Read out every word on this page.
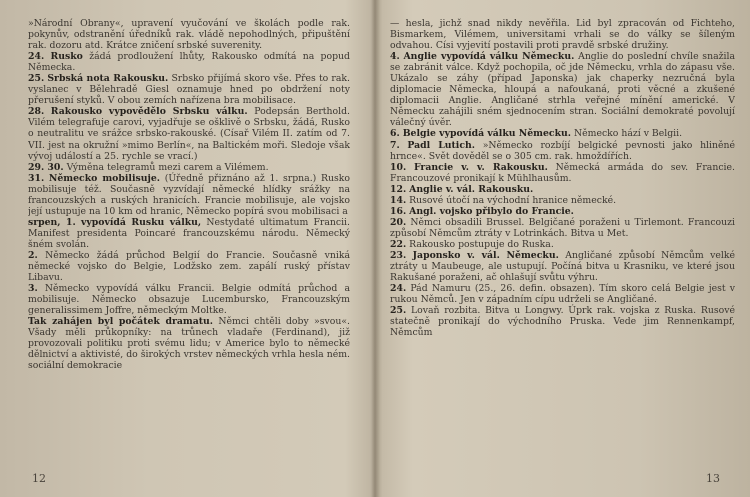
»Národní Obrany«, upravení vyučování ve školách podle rak. pokynův, odstranění úředníků rak. vládě nepohodlných, připuštění rak. dozoru atd. Krátce zničení srbské suverenity.
24. Rusko žádá prodloužení lhůty, Rakousko odmítá na popud Německa.
25. Srbská nota Rakousku. Srbsko přijímá skoro vše. Přes to rak. vyslanec v Bělehradě Giesl oznamuje hned po obdržení noty přerušení styků. V obou zemích nařízena bra mobilisace.
28. Rakousko vypovědělo Srbsku válku. Podepsán Berthold. Vilém telegrafuje carovi, vyjadřuje se ošklivě o Srbsku, žádá, Rusko o neutralitu ve srážce srbsko-rakouské. (Císař Vilém II. zatím od 7. VII. jest na okružní »mimo Berlín«, na Baltickém moři. Sledoje však vývoj událostí a 25. rychle se vrací.)
29. 30. Výměna telegramů mezi carem a Vilémem.
31. Německo mobilisuje. (Úředně přiznáno až 1. srpna.) Rusko mobilisuje též. Současně vyzvídají německé hlídky srážky na francouzských a ruských hranicích. Francie mobilisuje, ale vojsko její ustupuje na 10 km od hranic, Německo popírá svou mobilisaci a
srpen, 1. vypovídá Rusku válku, Nestydaté ultimatum Francii. Manifest presidenta Poincaré francouzskému národu. Německý šném svolán.
2. Německo žádá průchod Belgií do Francie. Současně vniká německé vojsko do Belgie, Lodžsko zem. zapálí ruský přístav Libavu.
3. Německo vypovídá válku Francii. Belgie odmítá průchod a mobilisuje. Německo obsazuje Lucembursko, Francouzským generalissimem Joffre, německým Moltke.
Tak zahájen byl počátek dramatu. Němci chtěli doby »svou«. Všady měli průkopníky: na trůnech vladaře (Ferdinand), již provozovali politiku proti svému lidu; v Americe bylo to německé dělnictví a aktivisté, do širokých vrstev německých vrhla hesla ném. sociální demokracie
12
— hesla, jichž snad nikdy nevěřila. Lid byl zpracován od Fichteho, Bismarkem, Vilémem, universitami vrhali se do války se šíleným odvahou. Císi vyjevití postavili proti pravdě srbské družiny.
4. Anglie vypovídá válku Německu. Anglie do poslední chvíle snažila se zabránit válce. Když pochopila, oč jde Německu, vrhla do zápasu vše. Ukázalo se záhy (případ Japonska) jak chaperky nezručná byla diplomacie Německa, hloupá a nafoukaná, proti věcné a zkušené diplomacii Anglie. Angličané strhla veřejné mínění americké. V Německu zahájili sném sjednocením stran. Sociální demokraté povolují válečný úvěr.
6. Belgie vypovídá válku Německu. Německo hází v Belgii.
7. Padl Lutich. »Německo rozbíjí belgické pevnosti jako hliněné hrnce«. Svět dověděl se o 305 cm. rak. hmoždířích.
10. Francie v. v. Rakousku. Německá armáda do sev. Francie. Francouzové pronikají k Mühlhausům.
12. Anglie v. vál. Rakousku.
14. Rusové útočí na východní hranice německé.
16. Angl. vojsko přibylo do Francie.
20. Němci obsadili Brussel. Belgičané poraženi u Tirlemont. Francouzi způsobí Němcům ztráty v Lotrinkách. Bitva u Met.
22. Rakousko postupuje do Ruska.
23. Japonsko v. vál. Německu. Angličané způsobí Němcům velké ztráty u Maubeuge, ale ustupují. Počíná bitva u Krasniku, ve které jsou Rakušané poraženi, ač ohlašují svůtu výhru.
24. Pád Namuru (25., 26. defin. obsazen). Tím skoro celá Belgie jest v rukou Němců. Jen v západním cípu udrželi se Angličané.
25. Lovaň rozbita. Bitva u Longwy. Úprk rak. vojska z Ruska. Rusové statečně pronikají do východního Pruska. Vede jim Rennenkampf, Němcům
13
